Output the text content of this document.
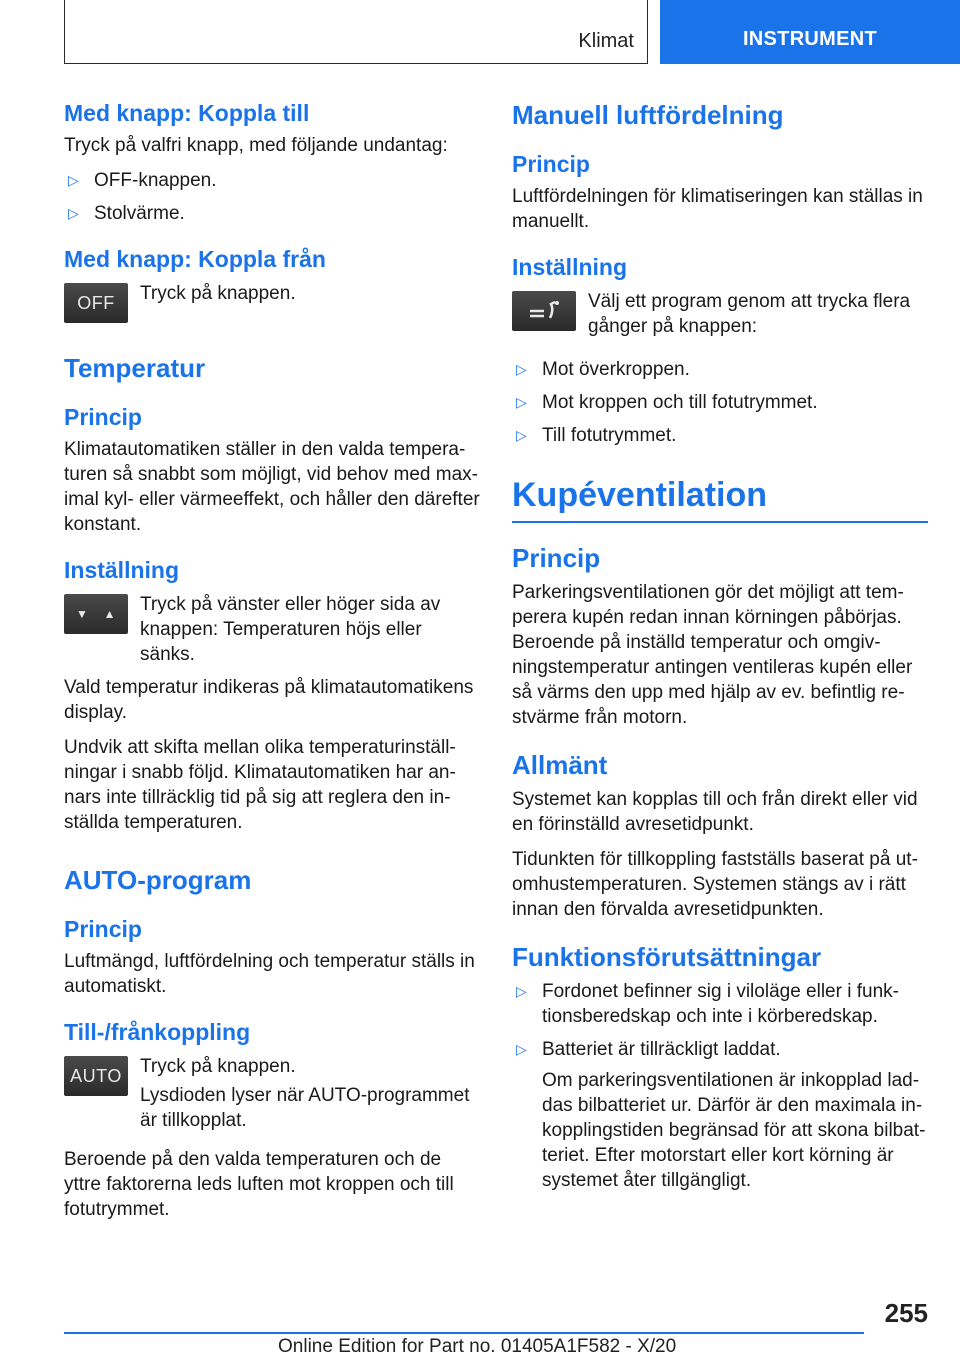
Klimat	INSTRUMENT
Med knapp: Koppla till

Tryck på valfri knapp, med följande undantag:

▷ OFF-knappen.
▷ Stolvärme.
Med knapp: Koppla från
OFF	Tryck på knappen.

Temperatur
Princip

Klimatautomatiken ställer in den valda tempera‐turen så snabbt som möjligt, vid behov med max‐imal kyl- eller värmeeffekt, och håller den därefter konstant.

Inställning
▼ ▲ Tryck på vänster eller höger sida av knappen: Temperaturen höjs eller sänks.

Vald temperatur indikeras på klimatautomatikens display.

Undvik att skifta mellan olika temperaturinställ‐ningar i snabb följd. Klimatautomatiken har an‐nars inte tillräcklig tid på sig att reglera den in‐ställda temperaturen.

AUTO-program
Princip

Luftmängd, luftfördelning och temperatur ställs in automatiskt.

Till-/frånkoppling
AUTO Tryck på knappen.

Lysdioden lyser när AUTO-programmet är tillkopplat.

Beroende på den valda temperaturen och de yttre faktorerna leds luften mot kroppen och till fotutrymmet.

Manuell luftfördelning
Princip

Luftfördelningen för klimatiseringen kan ställas in manuellt.

Inställning

Välj ett program genom att trycka flera gånger på knappen:

▷ Mot överkroppen.
▷ Mot kroppen och till fotutrymmet.
▷ Till fotutrymmet.
Kupéventilation
Princip

Parkeringsventilationen gör det möjligt att tem‐perera kupén redan innan körningen påbörjas. Beroende på inställd temperatur och omgiv‐ningstemperatur antingen ventileras kupén eller så värms den upp med hjälp av ev. befintlig re‐stvärme från motorn.

Allmänt

Systemet kan kopplas till och från direkt eller vid en förinställd avresetidpunkt.

Tidunkten för tillkoppling fastställs baserat på ut‐omhustemperaturen. Systemen stängs av i rätt innan den förvalda avresetidpunkten.

Funktionsförutsättningar
▷ Fordonet befinner sig i viloläge eller i funk‐tionsberedskap och inte i körberedskap.
▷ Batteriet är tillräckligt laddat.

Om parkeringsventilationen är inkopplad lad‐das bilbatteriet ur. Därför är den maximala in‐kopplingstiden begränsad för att skona bilbat‐teriet. Efter motorstart eller kort körning är systemet åter tillgängligt.

255
Online Edition for Part no. 01405A1F582 - X/20
